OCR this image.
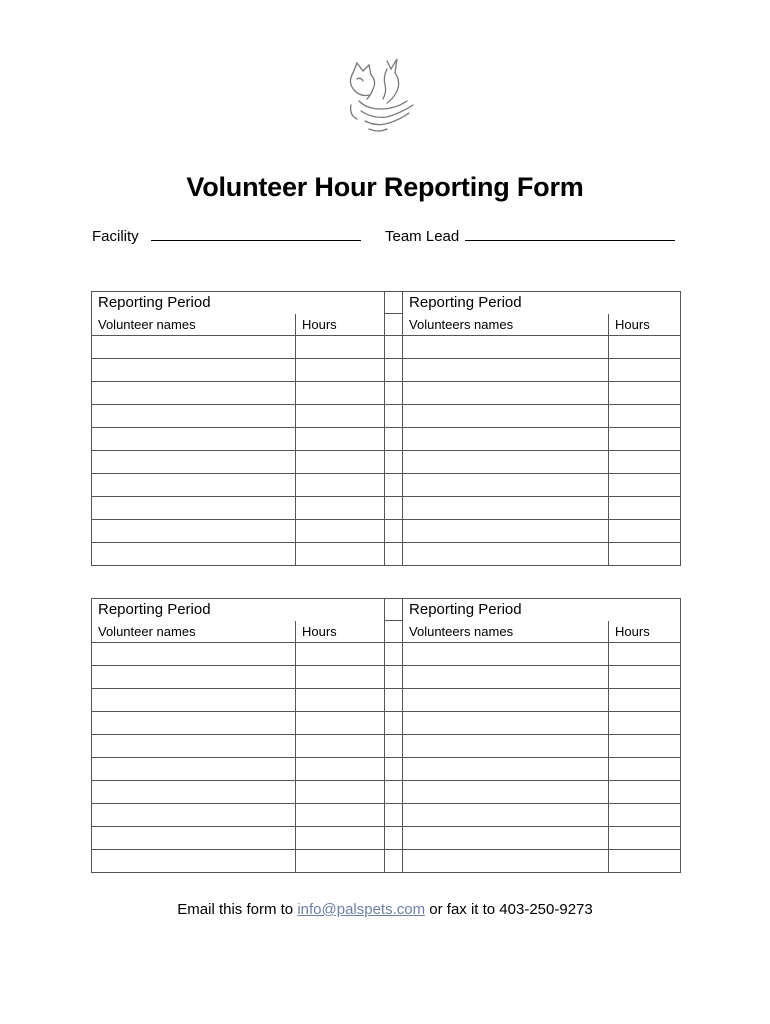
Volunteer Hour Reporting Form
Facility	Team Lead
Reporting Period			Reporting Period	
Volunteer names	Hours		Volunteers names	Hours

Reporting Period			Reporting Period	
Volunteer names	Hours		Volunteers names	Hours

Email this form to info@palspets.com or fax it to 403-250-9273
